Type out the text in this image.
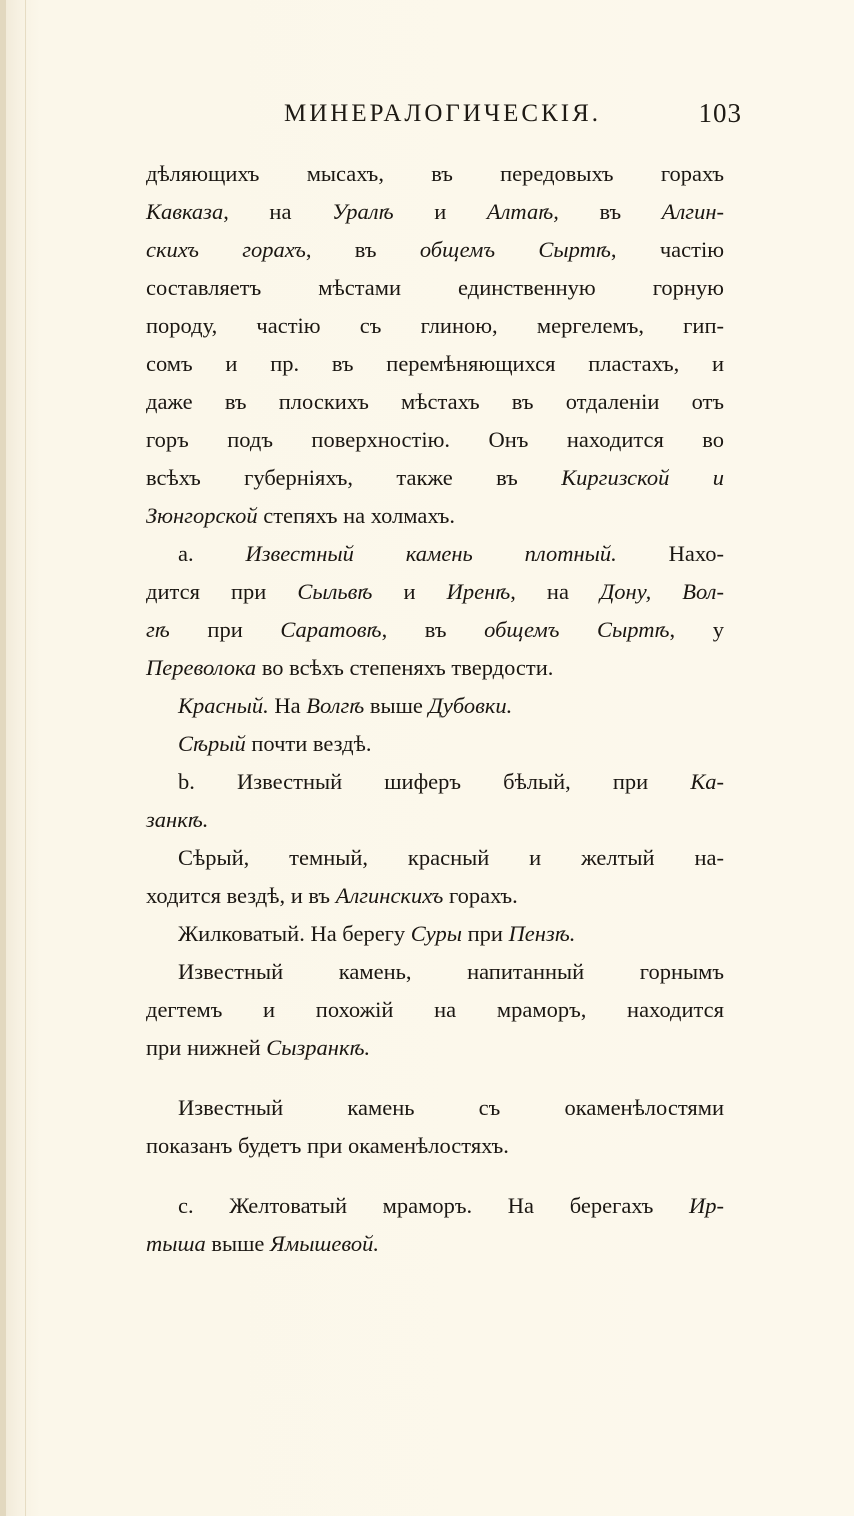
МИНЕРАЛОГИЧЕСКІЯ.	103
дѣляющихъ мысахъ, въ передовыхъ горахъ
Кавказа, на Уралѣ и Алтаѣ, въ Алгин-
скихъ горахъ, въ общемъ Сыртѣ, частію
составляетъ мѣстами единственную горную
породу, частію съ глиною, мергелемъ, гип-
сомъ и пр. въ перемѣняющихся пластахъ, и
даже въ плоскихъ мѣстахъ въ отдаленіи отъ
горъ подъ поверхностію. Онъ находится во
всѣхъ губерніяхъ, также въ Киргизской и
Зюнгорской степяхъ на холмахъ.
a. Известный камень плотный. Нахо-
дится при Сыльвѣ и Иренѣ, на Дону, Вол-
гѣ при Саратовѣ, въ общемъ Сыртѣ, у
Переволока во всѣхъ степеняхъ твердости.
Красный. На Волгѣ выше Дубовки.
Сѣрый почти вездѣ.
b. Известный шиферъ бѣлый, при Ка-
занкѣ.
Сѣрый, темный, красный и желтый на-
ходится вездѣ, и въ Алгинскихъ горахъ.
Жилковатый. На берегу Суры при Пензѣ.
Известный камень, напитанный горнымъ
дегтемъ и похожій на мраморъ, находится
при нижней Сызранкѣ.
Известный камень съ окаменѣлостями
показанъ будетъ при окаменѣлостяхъ.
c. Желтоватый мраморъ. На берегахъ Ир-
тыша выше Ямышевой.
